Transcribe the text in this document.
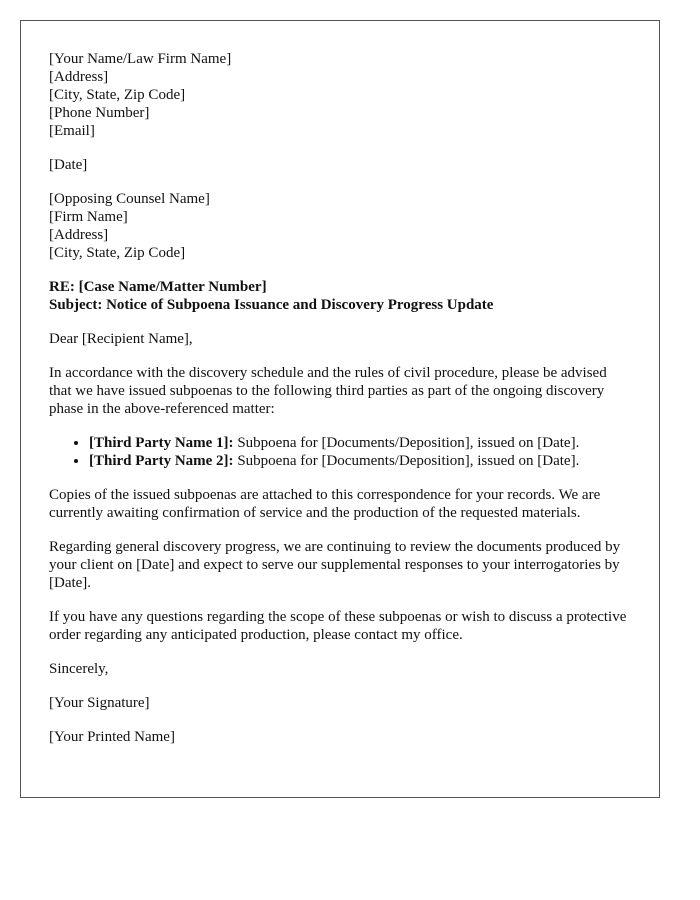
[Your Name/Law Firm Name]
[Address]
[City, State, Zip Code]
[Phone Number]
[Email]
[Date]
[Opposing Counsel Name]
[Firm Name]
[Address]
[City, State, Zip Code]
RE: [Case Name/Matter Number]
Subject: Notice of Subpoena Issuance and Discovery Progress Update

Dear [Recipient Name],

In accordance with the discovery schedule and the rules of civil procedure, please be advised that we have issued subpoenas to the following third parties as part of the ongoing discovery phase in the above-referenced matter:

• [Third Party Name 1]: Subpoena for [Documents/Deposition], issued on [Date].
• [Third Party Name 2]: Subpoena for [Documents/Deposition], issued on [Date].

Copies of the issued subpoenas are attached to this correspondence for your records. We are currently awaiting confirmation of service and the production of the requested materials.

Regarding general discovery progress, we are continuing to review the documents produced by your client on [Date] and expect to serve our supplemental responses to your interrogatories by [Date].

If you have any questions regarding the scope of these subpoenas or wish to discuss a protective order regarding any anticipated production, please contact my office.

Sincerely,

[Your Signature]

[Your Printed Name]
